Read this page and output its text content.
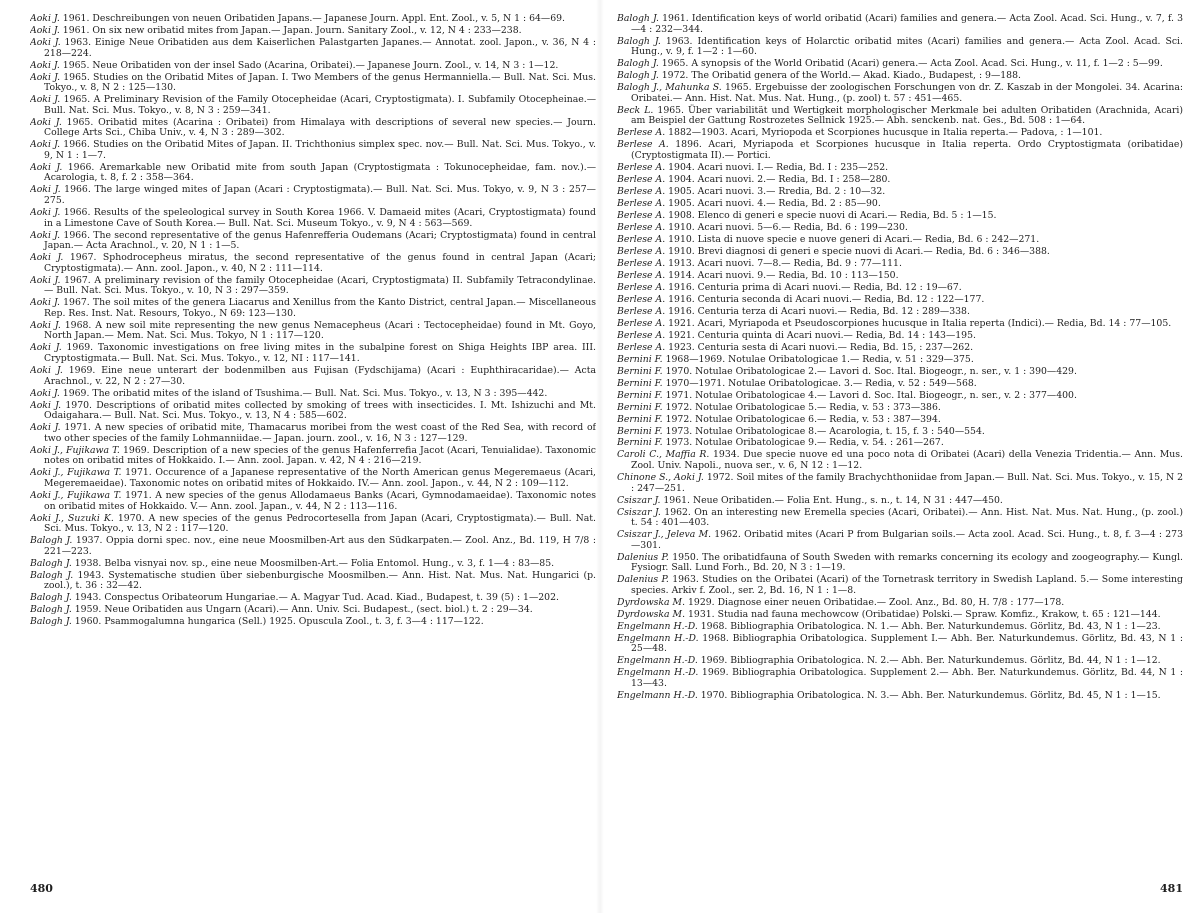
Aoki J. 1961. Deschreibungen von neuen Oribatiden Japans.— Japanese Journ. Appl. Ent. Zool., v. 5, N 1 : 64—69.

Aoki J. 1961. On six new oribatid mites from Japan.— Japan. Journ. Sanitary Zool., v. 12, N 4 : 233—238.

Aoki J. 1963. Einige Neue Oribatiden aus dem Kaiserlichen Palastgarten Japanes.— Annotat. zool. Japon., v. 36, N 4 : 218—224.

Aoki J. 1965. Neue Oribatiden von der insel Sado (Acarina, Oribatei).— Japanese Journ. Zool., v. 14, N 3 : 1—12.

Aoki J. 1965. Studies on the Oribatid Mites of Japan. I. Two Members of the genus Hermanniella.— Bull. Nat. Sci. Mus. Tokyo., v. 8, N 2 : 125—130.

Aoki J. 1965. A Preliminary Revision of the Family Otocepheidae (Acari, Cryptostigmata). I. Subfamily Otocepheinae.— Bull. Nat. Sci. Mus. Tokyo., v. 8, N 3 : 259—341.

Aoki J. 1965. Oribatid mites (Acarina : Oribatei) from Himalaya with descriptions of several new species.— Journ. College Arts Sci., Chiba Univ., v. 4, N 3 : 289—302.

Aoki J. 1966. Studies on the Oribatid Mites of Japan. II. Trichthonius simplex spec. nov.— Bull. Nat. Sci. Mus. Tokyo., v. 9, N 1 : 1—7.

Aoki J. 1966. Aremarkable new Oribatid mite from south Japan (Cryptostigmata : Tokunocepheidae, fam. nov.).— Acarologia, t. 8, f. 2 : 358—364.

Aoki J. 1966. The large winged mites of Japan (Acari : Cryptostigmata).— Bull. Nat. Sci. Mus. Tokyo, v. 9, N 3 : 257—275.

Aoki J. 1966. Results of the speleological survey in South Korea 1966. V. Damaeid mites (Acari, Cryptostigmata) found in a Limestone Cave of South Korea.— Bull. Nat. Sci. Museum Tokyo., v. 9, N 4 : 563—569.

Aoki J. 1966. The second representative of the genus Hafenrefferia Oudemans (Acari; Cryptostigmata) found in central Japan.— Acta Arachnol., v. 20, N 1 : 1—5.

Aoki J. 1967. Sphodrocepheus miratus, the second representative of the genus found in central Japan (Acari; Cryptostigmata).— Ann. zool. Japon., v. 40, N 2 : 111—114.

Aoki J. 1967. A preliminary revision of the family Otocepheidae (Acari, Cryptostigmata) II. Subfamily Tetracondylinae.— Bull. Nat. Sci. Mus. Tokyo., v. 10, N 3 : 297—359.

Aoki J. 1967. The soil mites of the genera Liacarus and Xenillus from the Kanto District, central Japan.— Miscellaneous Rep. Res. Inst. Nat. Resours, Tokyo., N 69: 123—130.

Aoki J. 1968. A new soil mite representing the new genus Nemacepheus (Acari : Tectocepheidae) found in Mt. Goyo, North Japan.— Mem. Nat. Sci. Mus. Tokyo, N 1 : 117—120.

Aoki J. 1969. Taxonomic investigations on free living mites in the subalpine forest on Shiga Heights IBP area. III. Cryptostigmata.— Bull. Nat. Sci. Mus. Tokyo., v. 12, NI : 117—141.

Aoki J. 1969. Eine neue unterart der bodenmilben aus Fujisan (Fydschijama) (Acari : Euphthiracaridae).— Acta Arachnol., v. 22, N 2 : 27—30.

Aoki J. 1969. The oribatid mites of the island of Tsushima.— Bull. Nat. Sci. Mus. Tokyo., v. 13, N 3 : 395—442.

Aoki J. 1970. Descriptions of oribatid mites collected by smoking of trees with insecticides. I. Mt. Ishizuchi and Mt. Odaigahara.— Bull. Nat. Sci. Mus. Tokyo., v. 13, N 4 : 585—602.

Aoki J. 1971. A new species of oribatid mite, Thamacarus moribei from the west coast of the Red Sea, with record of two other species of the family Lohmanniidae.— Japan. journ. zool., v. 16, N 3 : 127—129.

Aoki J., Fujikawa T. 1969. Description of a new species of the genus Hafenferrefia Jacot (Acari, Tenuialidae). Taxonomic notes on oribatid mites of Hokkaido. I.— Ann. zool. Japan. v. 42, N 4 : 216—219.

Aoki J., Fujikawa T. 1971. Occurence of a Japanese representative of the North American genus Megeremaeus (Acari, Megeremaeidae). Taxonomic notes on oribatid mites of Hokkaido. IV.— Ann. zool. Japon., v. 44, N 2 : 109—112.

Aoki J., Fujikawa T. 1971. A new species of the genus Allodamaeus Banks (Acari, Gymnodamaeidae). Taxonomic notes on oribatid mites of Hokkaido. V.— Ann. zool. Japan., v. 44, N 2 : 113—116.

Aoki J., Suzuki K. 1970. A new species of the genus Pedrocortesella from Japan (Acari, Cryptostigmata).— Bull. Nat. Sci. Mus. Tokyo., v. 13, N 2 : 117—120.

Balogh J. 1937. Oppia dorni spec. nov., eine neue Moosmilben-Art aus den Südkarpaten.— Zool. Anz., Bd. 119, H 7/8 : 221—223.

Balogh J. 1938. Belba visnyai nov. sp., eine neue Moosmilben-Art.— Folia Entomol. Hung., v. 3, f. 1—4 : 83—85.

Balogh J. 1943. Systematische studien über siebenburgische Moosmilben.— Ann. Hist. Nat. Mus. Nat. Hungarici (p. zool.), t. 36 : 32—42.

Balogh J. 1943. Conspectus Oribateorum Hungariae.— A. Magyar Tud. Acad. Kiad., Budapest, t. 39 (5) : 1—202.

Balogh J. 1959. Neue Oribatiden aus Ungarn (Acari).— Ann. Univ. Sci. Budapest., (sect. biol.) t. 2 : 29—34.

Balogh J. 1960. Psammogalumna hungarica (Sell.) 1925. Opuscula Zool., t. 3, f. 3—4 : 117—122.

480

Balogh J. 1961. Identification keys of world oribatid (Acari) families and genera.— Acta Zool. Acad. Sci. Hung., v. 7, f. 3—4 : 232—344.

Balogh J. 1963. Identification keys of Holarctic oribatid mites (Acari) families and genera.— Acta Zool. Acad. Sci. Hung., v. 9, f. 1—2 : 1—60.

Balogh J. 1965. A synopsis of the World Oribatid (Acari) genera.— Acta Zool. Acad. Sci. Hung., v. 11, f. 1—2 : 5—99.

Balogh J. 1972. The Oribatid genera of the World.— Akad. Kiado., Budapest, : 9—188.

Balogh J., Mahunka S. 1965. Ergebuisse der zoologischen Forschungen von dr. Z. Kaszab in der Mongolei. 34. Acarina: Oribatei.— Ann. Hist. Nat. Mus. Nat. Hung., (p. zool) t. 57 : 451—465.

Beck L. 1965. Über variabilität und Wertigkeit morphologischer Merkmale bei adulten Oribatiden (Arachnida, Acari) am Beispiel der Gattung Rostrozetes Sellnick 1925.— Abh. senckenb. nat. Ges., Bd. 508 : 1—64.

Berlese A. 1882—1903. Acari, Myriopoda et Scorpiones hucusque in Italia reperta.— Padova, : 1—101.

Berlese A. 1896. Acari, Myriapoda et Scorpiones hucusque in Italia reperta. Ordo Cryptostigmata (oribatidae) (Cryptostigmata II).— Portici.

Berlese A. 1904. Acari nuovi. I.— Redia, Bd. I : 235—252.

Berlese A. 1904. Acari nuovi. 2.— Redia, Bd. I : 258—280.

Berlese A. 1905. Acari nuovi. 3.— Rredia, Bd. 2 : 10—32.

Berlese A. 1905. Acari nuovi. 4.— Redia, Bd. 2 : 85—90.

Berlese A. 1908. Elenco di generi e specie nuovi di Acari.— Redia, Bd. 5 : 1—15.

Berlese A. 1910. Acari nuovi. 5—6.— Redia, Bd. 6 : 199—230.

Berlese A. 1910. Lista di nuove specie e nuove generi di Acari.— Redia, Bd. 6 : 242—271.

Berlese A. 1910. Brevi diagnosi di generi e specie nuovi di Acari.— Redia, Bd. 6 : 346—388.

Berlese A. 1913. Acari nuovi. 7—8.— Redia, Bd. 9 : 77—111.

Berlese A. 1914. Acari nuovi. 9.— Redia, Bd. 10 : 113—150.

Berlese A. 1916. Centuria prima di Acari nuovi.— Redia, Bd. 12 : 19—67.

Berlese A. 1916. Centuria seconda di Acari nuovi.— Redia, Bd. 12 : 122—177.

Berlese A. 1916. Centuria terza di Acari nuovi.— Redia, Bd. 12 : 289—338.

Berlese A. 1921. Acari, Myriapoda et Pseudoscorpiones hucusque in Italia reperta (Indici).— Redia, Bd. 14 : 77—105.

Berlese A. 1921. Centuria quinta di Acari nuovi.— Redia, Bd. 14 : 143—195.

Berlese A. 1923. Centuria sesta di Acari nuovi.— Redia, Bd. 15, : 237—262.

Bernini F. 1968—1969. Notulae Oribatologicae 1.— Redia, v. 51 : 329—375.

Bernini F. 1970. Notulae Oribatologicae 2.— Lavori d. Soc. Ital. Biogeogr., n. ser., v. 1 : 390—429.

Bernini F. 1970—1971. Notulae Oribatologicae. 3.— Redia, v. 52 : 549—568.

Bernini F. 1971. Notulae Oribatologicae 4.— Lavori d. Soc. Ital. Biogeogr., n. ser., v. 2 : 377—400.

Bernini F. 1972. Notulae Oribatologicae 5.— Redia, v. 53 : 373—386.

Bernini F. 1972. Notulae Oribatologicae 6.— Redia, v. 53 : 387—394.

Bernini F. 1973. Notulae Oribatologicae 8.— Acarologia, t. 15, f. 3 : 540—554.

Bernini F. 1973. Notulae Oribatologicae 9.— Redia, v. 54. : 261—267.

Caroli C., Maffia R. 1934. Due specie nuove ed una poco nota di Oribatei (Acari) della Venezia Tridentia.— Ann. Mus. Zool. Univ. Napoli., nuova ser., v. 6, N 12 : 1—12.

Chinone S., Aoki J. 1972. Soil mites of the family Brachychthoniidae from Japan.— Bull. Nat. Sci. Mus. Tokyo., v. 15, N 2 : 247—251.

Csiszar J. 1961. Neue Oribatiden.— Folia Ent. Hung., s. n., t. 14, N 31 : 447—450.

Csiszar J. 1962. On an interesting new Eremella species (Acari, Oribatei).— Ann. Hist. Nat. Mus. Nat. Hung., (p. zool.) t. 54 : 401—403.

Csiszar J., Jeleva M. 1962. Oribatid mites (Acari P from Bulgarian soils.— Acta zool. Acad. Sci. Hung., t. 8, f. 3—4 : 273—301.

Dalenius P. 1950. The oribatidfauna of South Sweden with remarks concerning its ecology and zoogeography.— Kungl. Fysiogr. Sall. Lund Forh., Bd. 20, N 3 : 1—19.

Dalenius P. 1963. Studies on the Oribatei (Acari) of the Tornetrask territory in Swedish Lapland. 5.— Some interesting species. Arkiv f. Zool., ser. 2, Bd. 16, N 1 : 1—8.

Dyrdowska M. 1929. Diagnose einer neuen Oribatidae.— Zool. Anz., Bd. 80, H. 7/8 : 177—178.

Dyrdowska M. 1931. Studia nad fauna mechowcow (Oribatidae) Polski.— Spraw. Komfiz., Krakow, t. 65 : 121—144.

Engelmann H.-D. 1968. Bibliographia Oribatologica. N. 1.— Abh. Ber. Naturkundemus. Görlitz, Bd. 43, N 1 : 1—23.

Engelmann H.-D. 1968. Bibliographia Oribatologica. Supplement I.— Abh. Ber. Naturkundemus. Görlitz, Bd. 43, N 1 : 25—48.

Engelmann H.-D. 1969. Bibliographia Oribatologica. N. 2.— Abh. Ber. Naturkundemus. Görlitz, Bd. 44, N 1 : 1—12.

Engelmann H.-D. 1969. Bibliographia Oribatologica. Supplement 2.— Abh. Ber. Naturkundemus. Görlitz, Bd. 44, N 1 : 13—43.

Engelmann H.-D. 1970. Bibliographia Oribatologica. N. 3.— Abh. Ber. Naturkundemus. Görlitz, Bd. 45, N 1 : 1—15.

481
